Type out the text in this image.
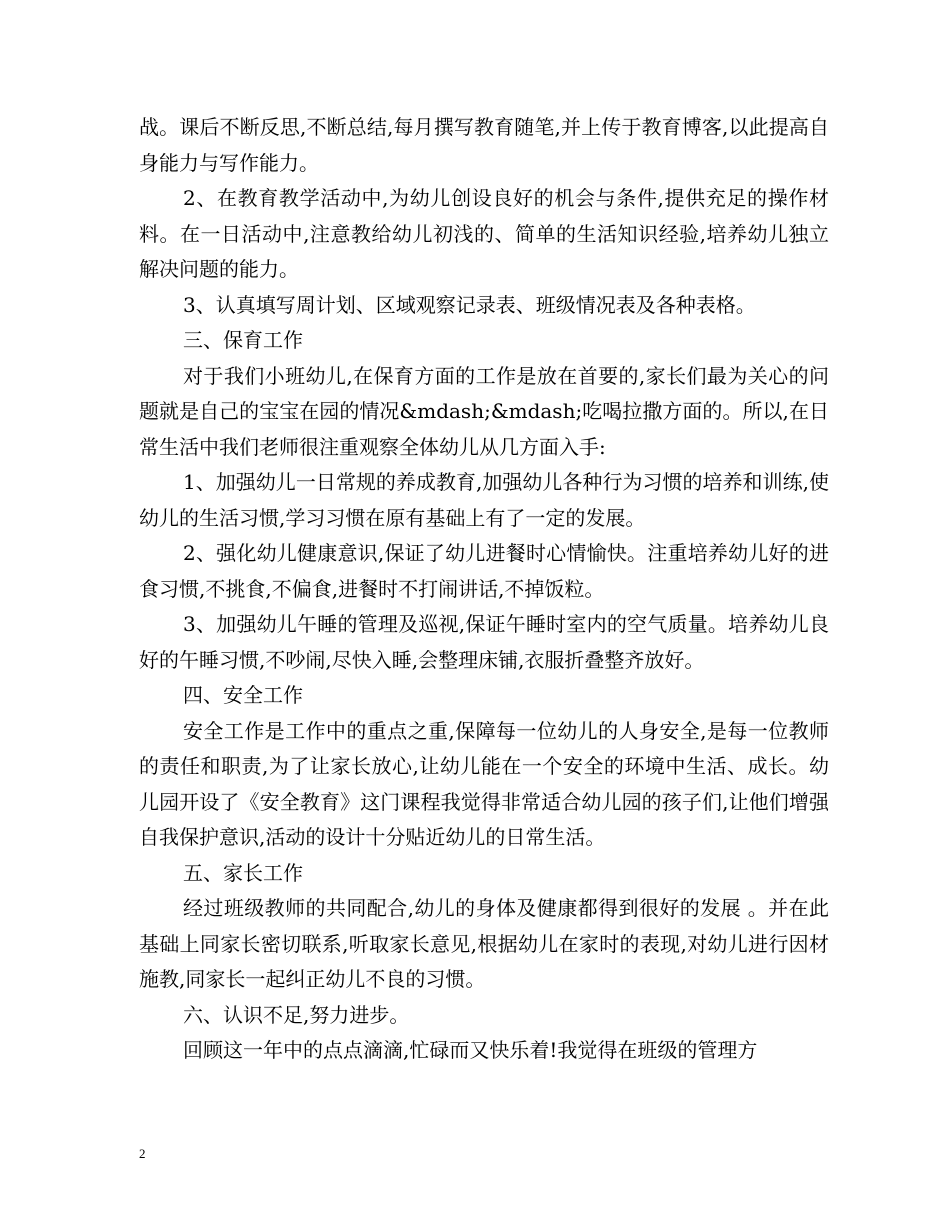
战。课后不断反思,不断总结,每月撰写教育随笔,并上传于教育博客,以此提高自身能力与写作能力。

2、在教育教学活动中,为幼儿创设良好的机会与条件,提供充足的操作材料。在一日活动中,注意教给幼儿初浅的、简单的生活知识经验,培养幼儿独立解决问题的能力。

3、认真填写周计划、区域观察记录表、班级情况表及各种表格。

三、保育工作

对于我们小班幼儿,在保育方面的工作是放在首要的,家长们最为关心的问题就是自己的宝宝在园的情况&mdash;&mdash;吃喝拉撒方面的。所以,在日常生活中我们老师很注重观察全体幼儿从几方面入手:

1、加强幼儿一日常规的养成教育,加强幼儿各种行为习惯的培养和训练,使幼儿的生活习惯,学习习惯在原有基础上有了一定的发展。

2、强化幼儿健康意识,保证了幼儿进餐时心情愉快。注重培养幼儿好的进食习惯,不挑食,不偏食,进餐时不打闹讲话,不掉饭粒。

3、加强幼儿午睡的管理及巡视,保证午睡时室内的空气质量。培养幼儿良好的午睡习惯,不吵闹,尽快入睡,会整理床铺,衣服折叠整齐放好。

四、安全工作

安全工作是工作中的重点之重,保障每一位幼儿的人身安全,是每一位教师的责任和职责,为了让家长放心,让幼儿能在一个安全的环境中生活、成长。幼儿园开设了《安全教育》这门课程我觉得非常适合幼儿园的孩子们,让他们增强自我保护意识,活动的设计十分贴近幼儿的日常生活。

五、家长工作

经过班级教师的共同配合,幼儿的身体及健康都得到很好的发展 。并在此基础上同家长密切联系,听取家长意见,根据幼儿在家时的表现,对幼儿进行因材施教,同家长一起纠正幼儿不良的习惯。

六、认识不足,努力进步。

回顾这一年中的点点滴滴,忙碌而又快乐着!我觉得在班级的管理方

2
